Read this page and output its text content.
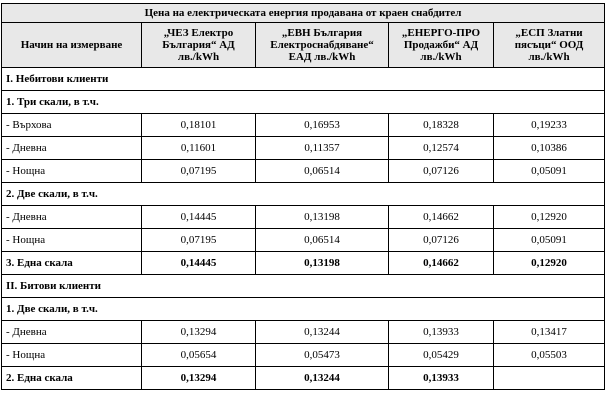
Цена на електрическата енергия продавана от краен снабдител				
Начин на измерване	„ЧЕЗ Електро България“ АД лв./kWh	„ЕВН България Електроснабдяване“ ЕАД лв./kWh	„ЕНЕРГО-ПРО Продажби“ АД лв./kWh	„ЕСП Златни пясъци“ ООД лв./kWh
I. Небитови клиенти				
1. Три скали, в т.ч.				
- Върхова	0,18101	0,16953	0,18328	0,19233
- Дневна	0,11601	0,11357	0,12574	0,10386
- Нощна	0,07195	0,06514	0,07126	0,05091
2. Две скали, в т.ч.				
- Дневна	0,14445	0,13198	0,14662	0,12920
- Нощна	0,07195	0,06514	0,07126	0,05091
3. Една скала	0,14445	0,13198	0,14662	0,12920
II. Битови клиенти				
1. Две скали, в т.ч.				
- Дневна	0,13294	0,13244	0,13933	0,13417
- Нощна	0,05654	0,05473	0,05429	0,05503
2. Една скала	0,13294	0,13244	0,13933	
